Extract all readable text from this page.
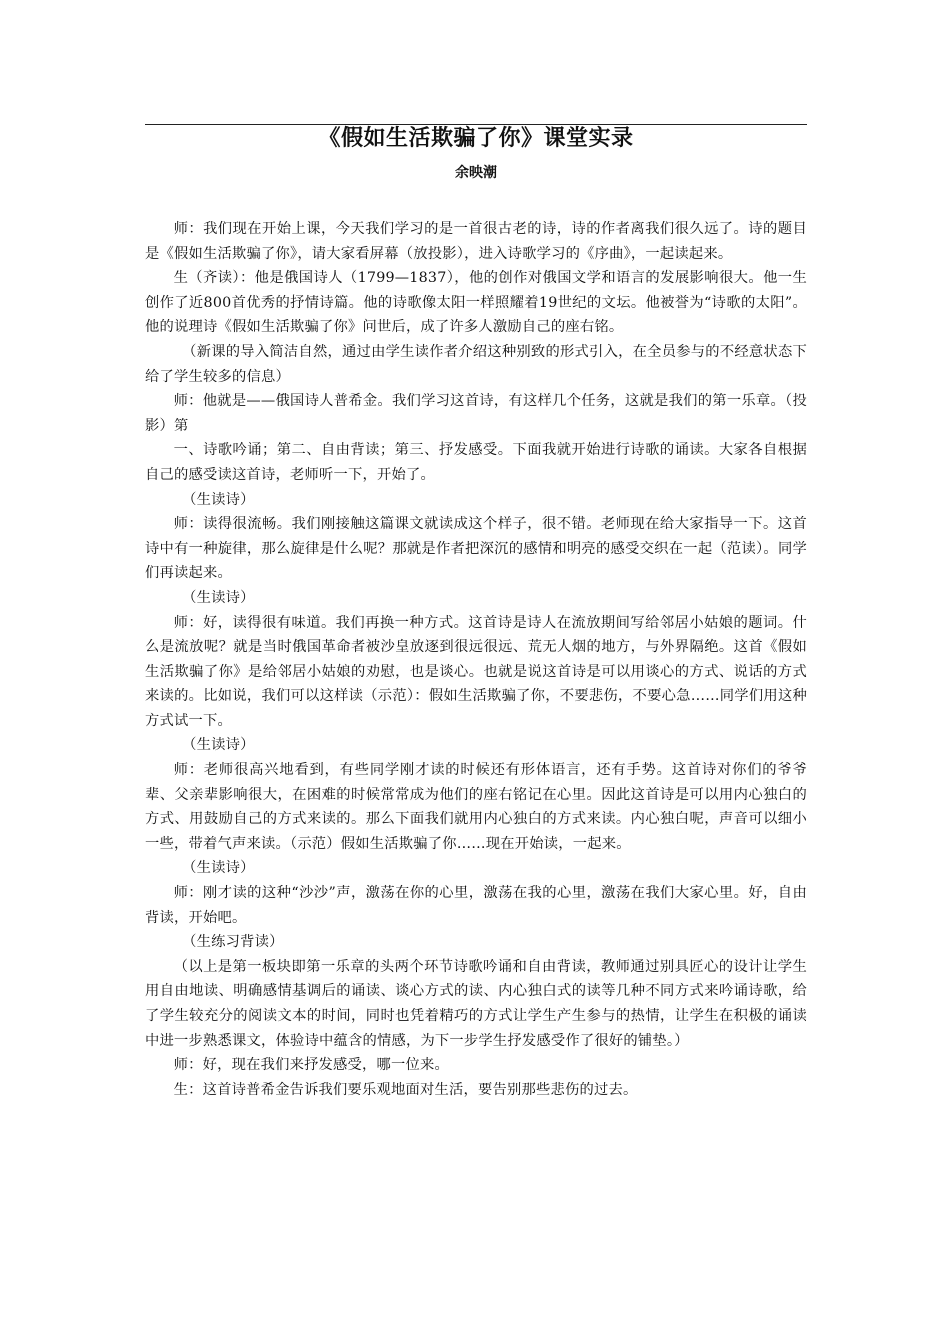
《假如生活欺骗了你》课堂实录
余映潮

师：我们现在开始上课，今天我们学习的是一首很古老的诗，诗的作者离我们很久远了。诗的题目是《假如生活欺骗了你》，请大家看屏幕（放投影），进入诗歌学习的《序曲》，一起读起来。

生（齐读）：他是俄国诗人（1799—1837），他的创作对俄国文学和语言的发展影响很大。他一生创作了近800首优秀的抒情诗篇。他的诗歌像太阳一样照耀着19世纪的文坛。他被誉为“诗歌的太阳”。他的说理诗《假如生活欺骗了你》问世后，成了许多人激励自己的座右铭。

（新课的导入简洁自然，通过由学生读作者介绍这种别致的形式引入，在全员参与的不经意状态下给了学生较多的信息）

师：他就是——俄国诗人普希金。我们学习这首诗，有这样几个任务，这就是我们的第一乐章。（投影）第

一、诗歌吟诵；第二、自由背读；第三、抒发感受。下面我就开始进行诗歌的诵读。大家各自根据自己的感受读这首诗，老师听一下，开始了。

（生读诗）

师：读得很流畅。我们刚接触这篇课文就读成这个样子，很不错。老师现在给大家指导一下。这首诗中有一种旋律，那么旋律是什么呢？那就是作者把深沉的感情和明亮的感受交织在一起（范读）。同学们再读起来。

（生读诗）

师：好，读得很有味道。我们再换一种方式。这首诗是诗人在流放期间写给邻居小姑娘的题词。什么是流放呢？就是当时俄国革命者被沙皇放逐到很远很远、荒无人烟的地方，与外界隔绝。这首《假如生活欺骗了你》是给邻居小姑娘的劝慰，也是谈心。也就是说这首诗是可以用谈心的方式、说话的方式来读的。比如说，我们可以这样读（示范）：假如生活欺骗了你，不要悲伤，不要心急……同学们用这种方式试一下。

（生读诗）

师：老师很高兴地看到，有些同学刚才读的时候还有形体语言，还有手势。这首诗对你们的爷爷辈、父亲辈影响很大，在困难的时候常常成为他们的座右铭记在心里。因此这首诗是可以用内心独白的方式、用鼓励自己的方式来读的。那么下面我们就用内心独白的方式来读。内心独白呢，声音可以细小一些，带着气声来读。（示范）假如生活欺骗了你……现在开始读，一起来。

（生读诗）

师：刚才读的这种“沙沙”声，激荡在你的心里，激荡在我的心里，激荡在我们大家心里。好，自由背读，开始吧。

（生练习背读）

（以上是第一板块即第一乐章的头两个环节诗歌吟诵和自由背读，教师通过别具匠心的设计让学生用自由地读、明确感情基调后的诵读、谈心方式的读、内心独白式的读等几种不同方式来吟诵诗歌，给了学生较充分的阅读文本的时间，同时也凭着精巧的方式让学生产生参与的热情，让学生在积极的诵读中进一步熟悉课文，体验诗中蕴含的情感，为下一步学生抒发感受作了很好的铺垫。）

师：好，现在我们来抒发感受，哪一位来。

生：这首诗普希金告诉我们要乐观地面对生活，要告别那些悲伤的过去。
